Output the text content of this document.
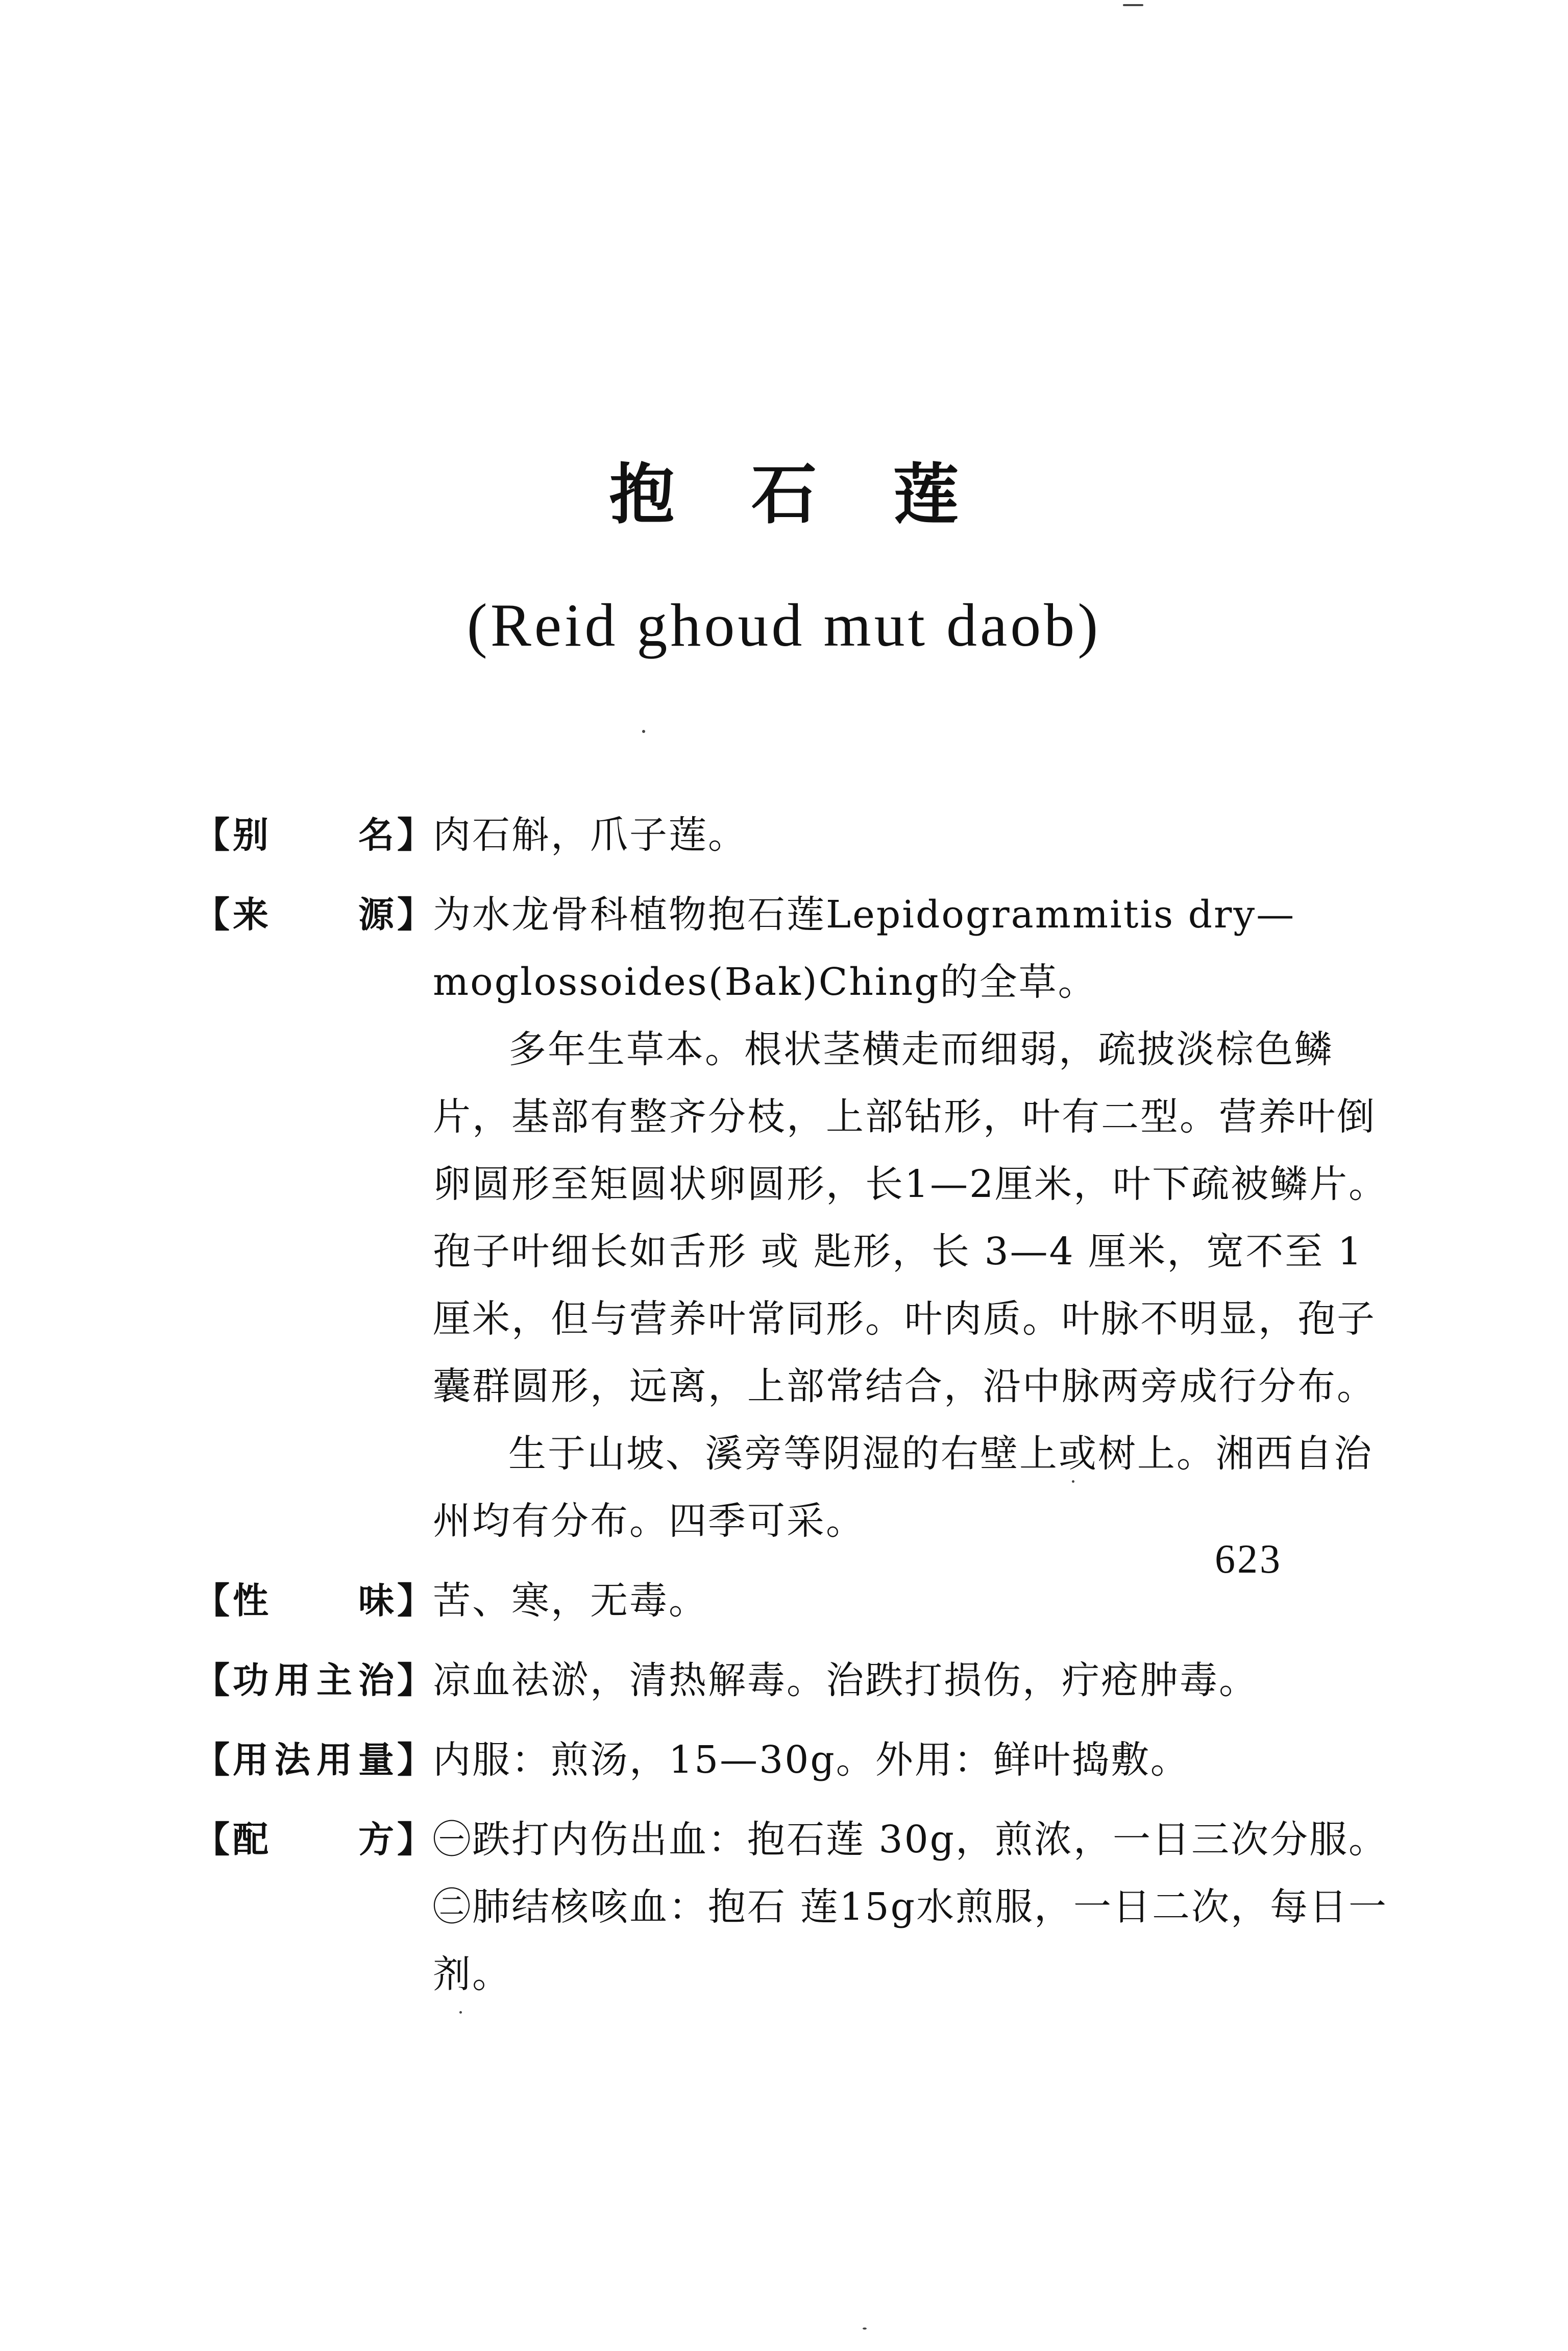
抱石莲
(Reid ghoud mut daob)
【 别	名 】 肉石斛，爪子莲。

【 来	源 】 为水龙骨科植物抱石莲Lepidogrammitis dry—moglossoides(Bak)Ching的全草。

多年生草本。根状茎横走而细弱，疏披淡棕色鳞片，基部有整齐分枝，上部钻形，叶有二型。营养叶倒卵圆形至矩圆状卵圆形，长1—2厘米，叶下疏被鳞片。孢子叶细长如舌形 或 匙形，长 3—4 厘米，宽不至 1 厘米，但与营养叶常同形。叶肉质。叶脉不明显，孢子囊群圆形，远离，上部常结合，沿中脉两旁成行分布。

生于山坡、溪旁等阴湿的右壁上或树上。湘西自治州均有分布。四季可采。

【 性	味 】 苦、寒，无毒。

【 功 用 主 治 】 凉血祛淤，清热解毒。治跌打损伤，疔疮肿毒。

【 用 法 用 量 】 内服：煎汤，15—30g。外用：鲜叶捣敷。

【 配	方 】 ㊀跌打内伤出血：抱石莲 30g，煎浓，一日三次分服。

㊁肺结核咳血：抱石 莲15g水煎服，一日二次，每日一剂。

623
